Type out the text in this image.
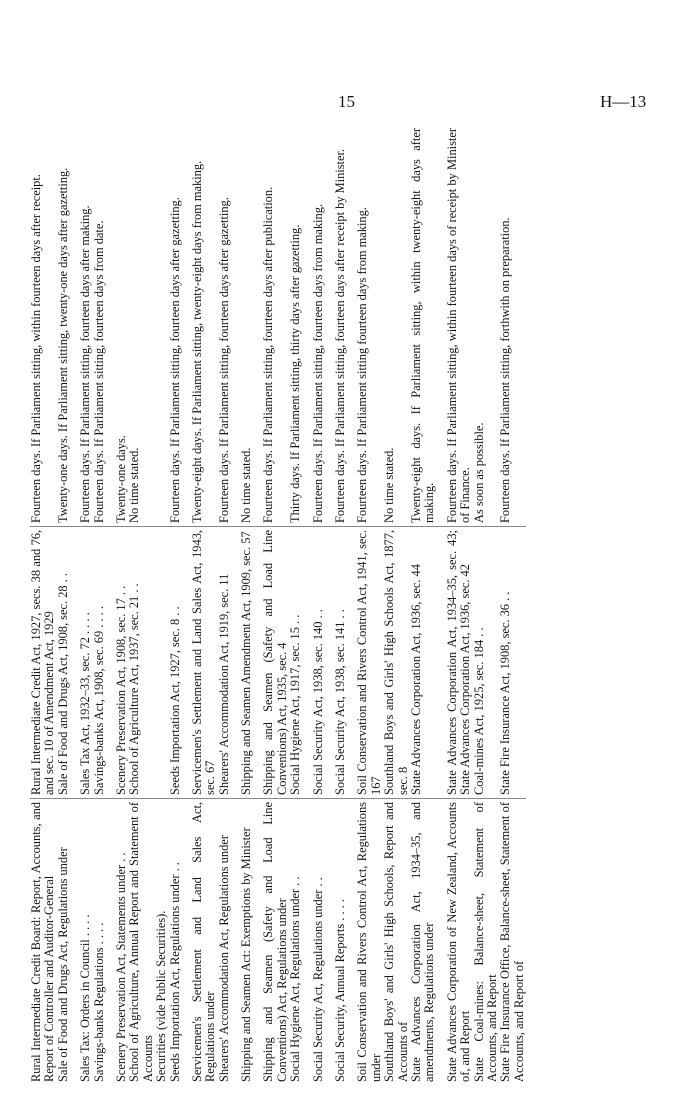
15	H—13
Rural Intermediate Credit Board: Report, Accounts, and Report of Controller and Auditor-General	Rural Intermediate Credit Act, 1927, secs. 38 and 76, and sec. 10 of Amendment Act, 1929	Fourteen days. If Parliament sitting, within fourteen days after receipt.

Sale of Food and Drugs Act, Regulations under	Sale of Food and Drugs Act, 1908, sec. 28 . .	Twenty-one days. If Parliament sitting, twenty-one days after gazetting.

Sales Tax: Orders in Council . . . .	Sales Tax Act, 1932–33, sec. 72 . . . .	Fourteen days. If Parliament sitting, fourteen days after making.

Savings-banks Regulations . . . .	Savings-banks Act, 1908, sec. 69 . . . .	Fourteen days. If Parliament sitting, fourteen days from date.

Scenery Preservation Act, Statements under . .	Scenery Preservation Act, 1908, sec. 17 . .	Twenty-one days.

School of Agriculture, Annual Report and Statement of Accounts	School of Agriculture Act, 1937, sec. 21 . .	No time stated.

Securities (vide Public Securities).		

Seeds Importation Act, Regulations under . .	Seeds Importation Act, 1927, sec. 8 . .	Fourteen days. If Parliament sitting, fourteen days after gazetting.

Servicemen's Settlement and Land Sales Act, Regulations under	Servicemen's Settlement and Land Sales Act, 1943, sec. 67	Twenty-eight days. If Parliament sitting, twenty-eight days from making.

Shearers' Accommodation Act, Regulations under	Shearers' Accommodation Act, 1919, sec. 11	Fourteen days. If Parliament sitting, fourteen days after gazetting.

Shipping and Seamen Act: Exemptions by Minister	Shipping and Seamen Amendment Act, 1909, sec. 57	No time stated.

Shipping and Seamen (Safety and Load Line Conventions) Act, Regulations under	Shipping and Seamen (Safety and Load Line Conventions) Act, 1935, sec. 4	Fourteen days. If Parliament sitting, fourteen days after publication.

Social Hygiene Act, Regulations under . .	Social Hygiene Act, 1917, sec. 15 . .	Thirty days. If Parliament sitting, thirty days after gazetting.

Social Security Act, Regulations under . .	Social Security Act, 1938, sec. 140 . .	Fourteen days. If Parliament sitting, fourteen days from making.

Social Security, Annual Reports . . . .	Social Security Act, 1938, sec. 141 . .	Fourteen days. If Parliament sitting, fourteen days after receipt by Minister.

Soil Conservation and Rivers Control Act, Regulations under	Soil Conservation and Rivers Control Act, 1941, sec. 167	Fourteen days. If Parliament sitting fourteen days from making.

Southland Boys' and Girls' High Schools, Report and Accounts of	Southland Boys and Girls' High Schools Act, 1877, sec. 8	No time stated.

State Advances Corporation Act, 1934–35, and amendments, Regulations under	State Advances Corporation Act, 1936, sec. 44	Twenty-eight days. If Parliament sitting, within twenty-eight days after making.

State Advances Corporation of New Zealand, Accounts of, and Report	State Advances Corporation Act, 1934–35, sec. 43; State Advances Corporation Act, 1936, sec. 42	Fourteen days. If Parliament sitting, within fourteen days of receipt by Minister of Finance.

State Coal-mines: Balance-sheet, Statement of Accounts, and Report	Coal-mines Act, 1925, sec. 184 . .	As soon as possible.

State Fire Insurance Office, Balance-sheet, Statement of Accounts, and Report of	State Fire Insurance Act, 1908, sec. 36 . .	Fourteen days. If Parliament sitting, forthwith on preparation.
